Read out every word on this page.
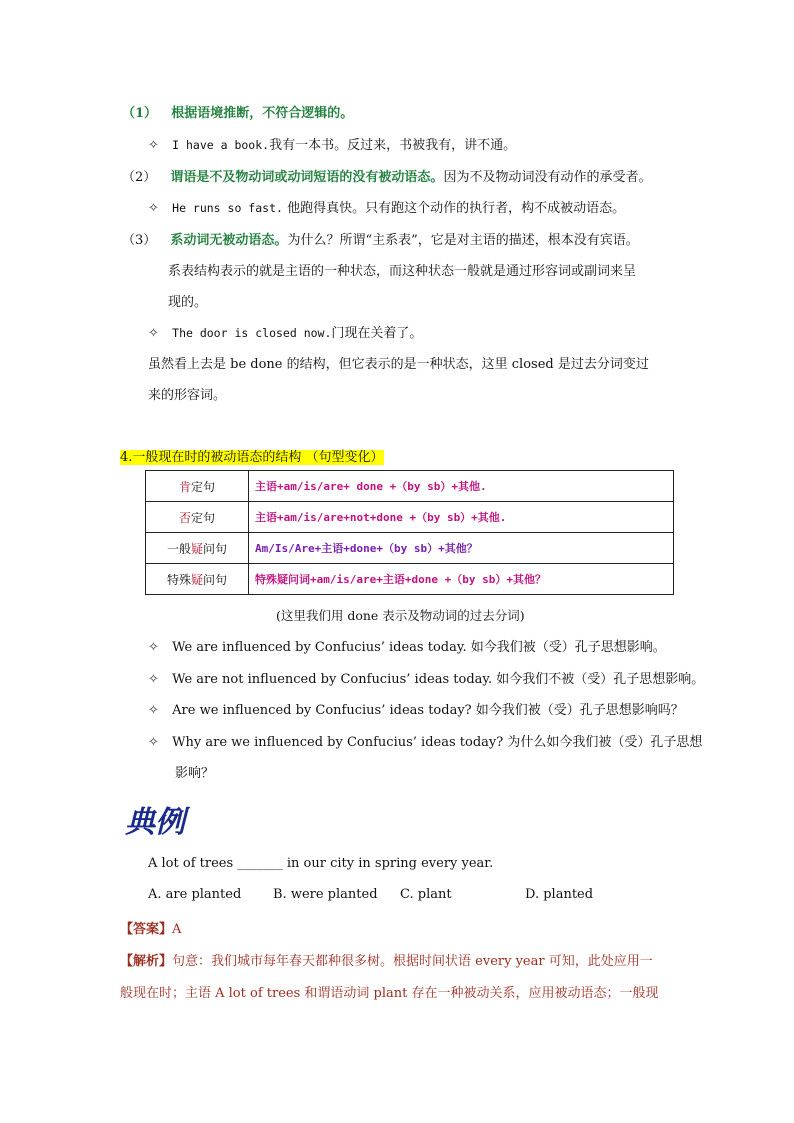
（1） 根据语境推断，不符合逻辑的。
✧ I have a book.我有一本书。反过来，书被我有，讲不通。
（2） 谓语是不及物动词或动词短语的没有被动语态。因为不及物动词没有动作的承受者。
✧ He runs so fast. 他跑得真快。只有跑这个动作的执行者，构不成被动语态。
（3） 系动词无被动语态。为什么？所谓“主系表”，它是对主语的描述，根本没有宾语。
系表结构表示的就是主语的一种状态，而这种状态一般就是通过形容词或副词来呈
现的。
✧ The door is closed now.门现在关着了。
虽然看上去是 be done 的结构，但它表示的是一种状态，这里 closed 是过去分词变过
来的形容词。
4.一般现在时的被动语态的结构 （句型变化）
肯定句	主语+am/is/are+ done +（by sb）+其他.
否定句	主语+am/is/are+not+done +（by sb）+其他.
一般疑问句	Am/Is/Are+主语+done+（by sb）+其他？
特殊疑问句	特殊疑问词+am/is/are+主语+done +（by sb）+其他？
(这里我们用 done 表示及物动词的过去分词)
✧ We are influenced by Confucius’ ideas today. 如今我们被（受）孔子思想影响。
✧ We are not influenced by Confucius’ ideas today. 如今我们不被（受）孔子思想影响。
✧ Are we influenced by Confucius’ ideas today? 如今我们被（受）孔子思想影响吗？
✧ Why are we influenced by Confucius’ ideas today? 为什么如今我们被（受）孔子思想
影响？
典例
A lot of trees _______ in our city in spring every year.
A. are planted B. were planted C. plant	D. planted
【答案】A
【解析】句意：我们城市每年春天都种很多树。根据时间状语 every year 可知，此处应用一
般现在时；主语 A lot of trees 和谓语动词 plant 存在一种被动关系，应用被动语态；一般现
